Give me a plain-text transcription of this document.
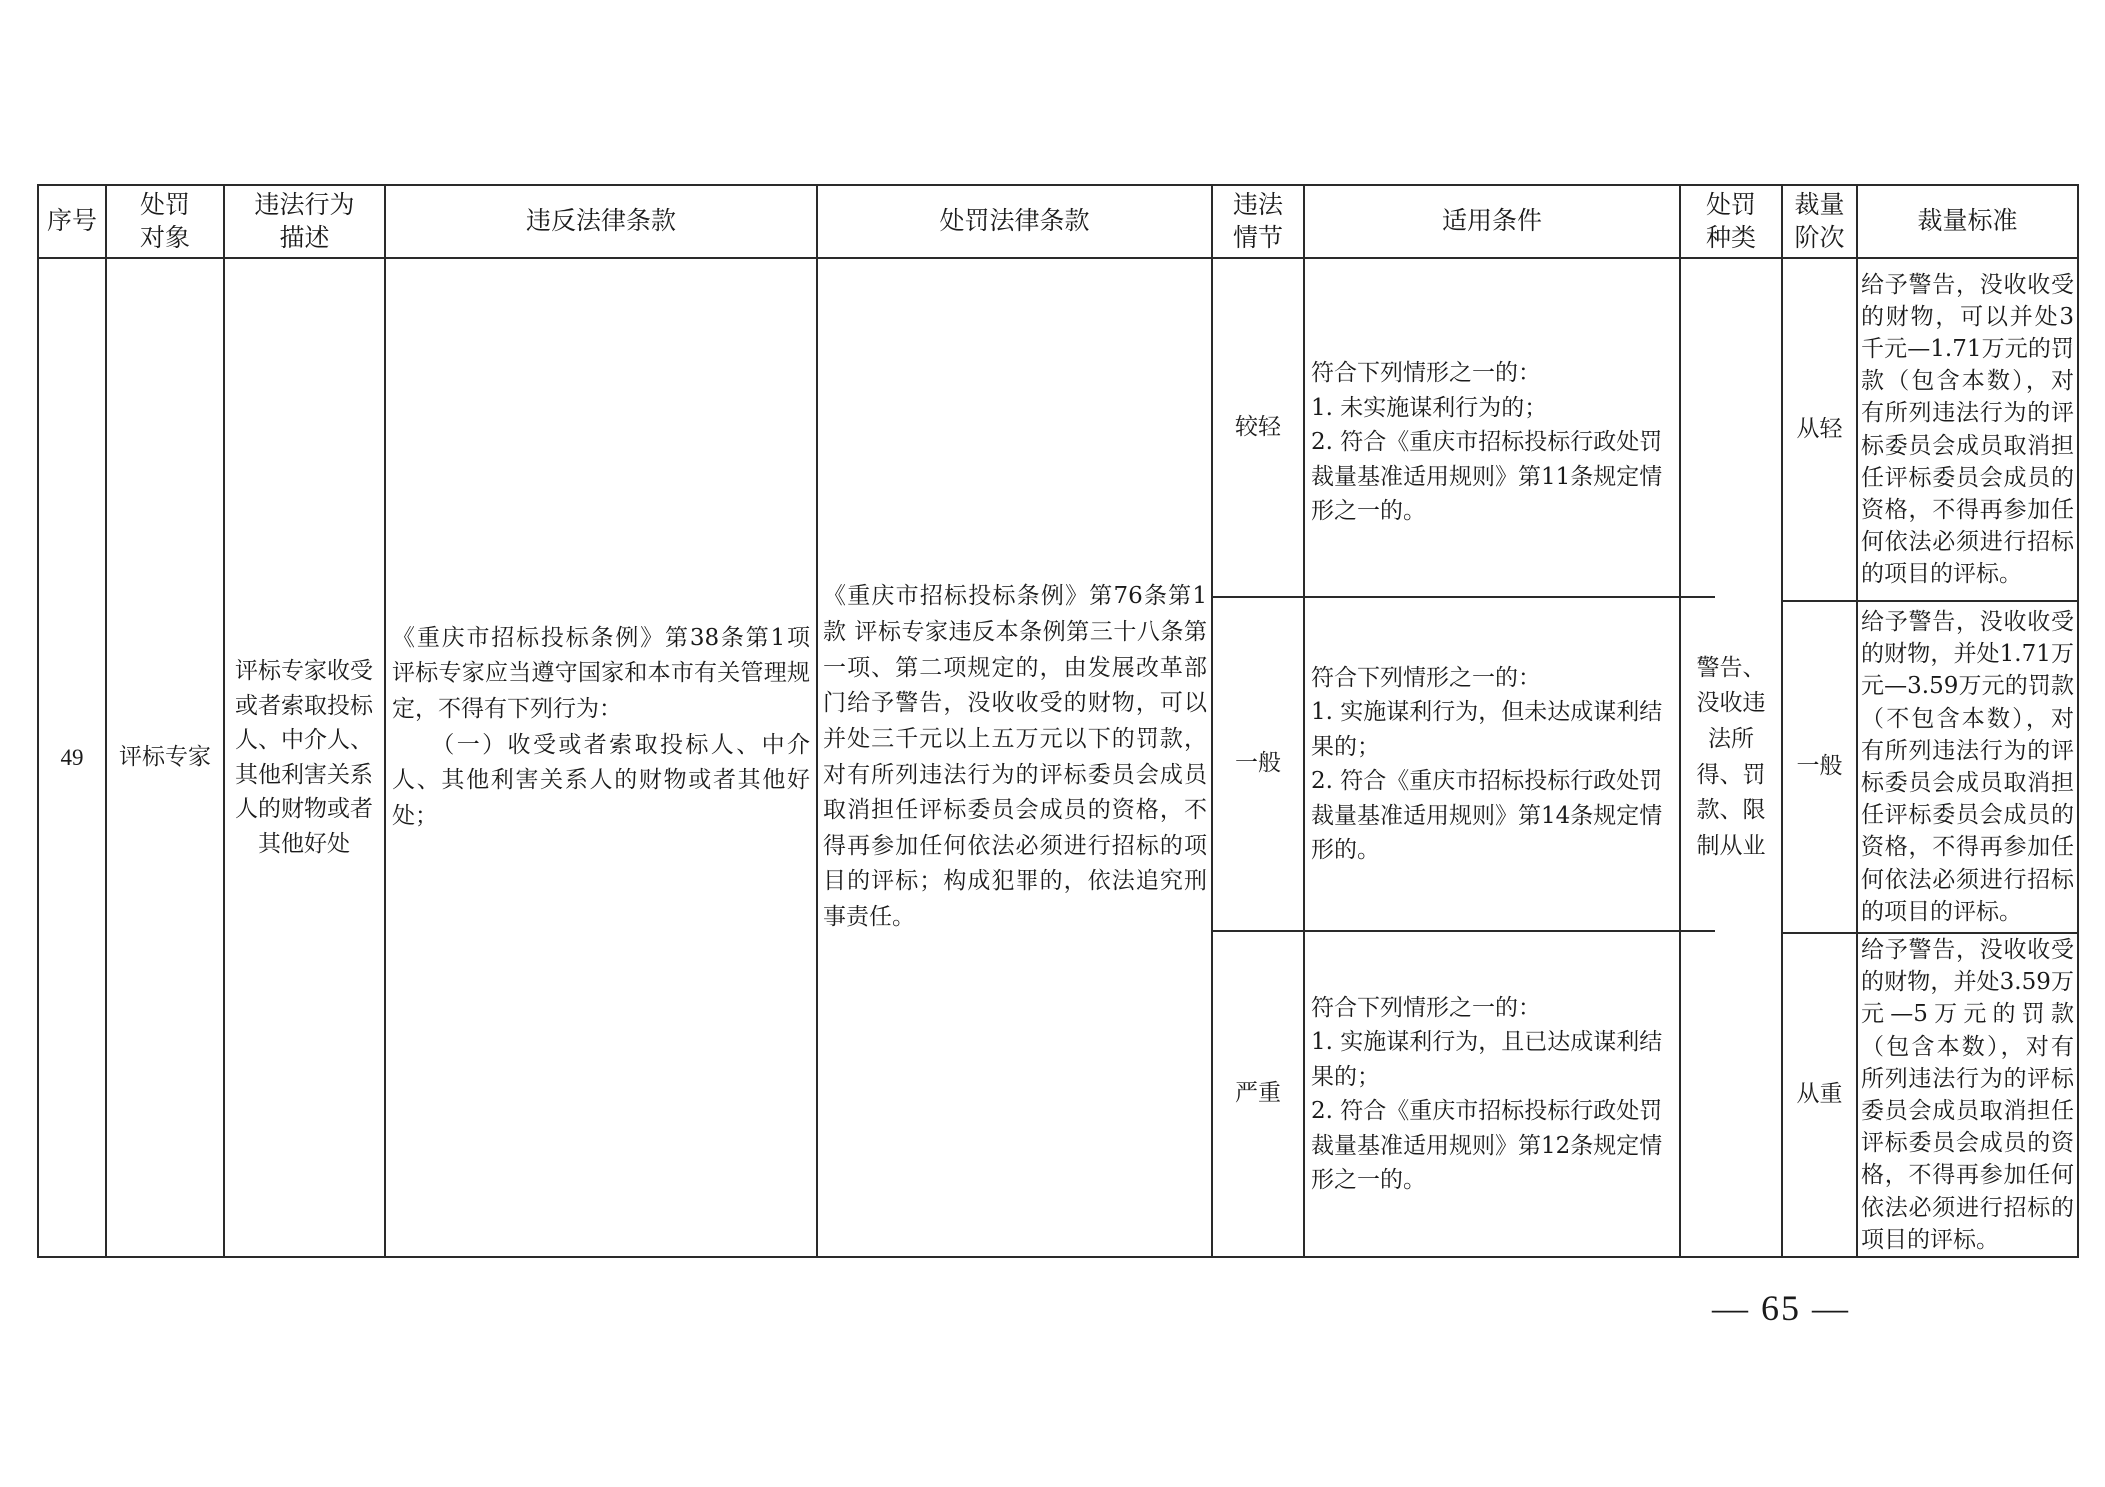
序号
处罚
对象
违法行为
描述
违反法律条款	处罚法律条款
违法
情节
适用条件
处罚
种类
裁量
阶次
裁量标准
49	评标专家
评标专家收受或者索取投标人、中介人、其他利害关系人的财物或者其他好处
《重庆市招标投标条例》第38条第1项 评标专家应当遵守国家和本市有关管理规定，不得有下列行为：
　　（一）收受或者索取投标人、中介人、其他利害关系人的财物或者其他好处；
《重庆市招标投标条例》第76条第1款 评标专家违反本条例第三十八条第一项、第二项规定的，由发展改革部门给予警告，没收收受的财物，可以并处三千元以上五万元以下的罚款，对有所列违法行为的评标委员会成员取消担任评标委员会成员的资格，不得再参加任何依法必须进行招标的项目的评标；构成犯罪的，依法追究刑事责任。
警告、没收违法所得、罚款、限制从业
较轻
符合下列情形之一的：
1. 未实施谋利行为的；
2. 符合《重庆市招标投标行政处罚裁量基准适用规则》第11条规定情形之一的。
从轻
给予警告，没收收受的财物，可以并处3千元—1.71万元的罚款（包含本数），对有所列违法行为的评标委员会成员取消担任评标委员会成员的资格，不得再参加任何依法必须进行招标的项目的评标。
一般
符合下列情形之一的：
1. 实施谋利行为，但未达成谋利结果的；
2. 符合《重庆市招标投标行政处罚裁量基准适用规则》第14条规定情形的。
一般
给予警告，没收收受的财物，并处1.71万元—3.59万元的罚款（不包含本数），对有所列违法行为的评标委员会成员取消担任评标委员会成员的资格，不得再参加任何依法必须进行招标的项目的评标。
严重
符合下列情形之一的：
1. 实施谋利行为，且已达成谋利结果的；
2. 符合《重庆市招标投标行政处罚裁量基准适用规则》第12条规定情形之一的。
从重
给予警告，没收收受的财物，并处3.59万元—5万元的罚款（包含本数），对有所列违法行为的评标委员会成员取消担任评标委员会成员的资格，不得再参加任何依法必须进行招标的项目的评标。
— 65 —
